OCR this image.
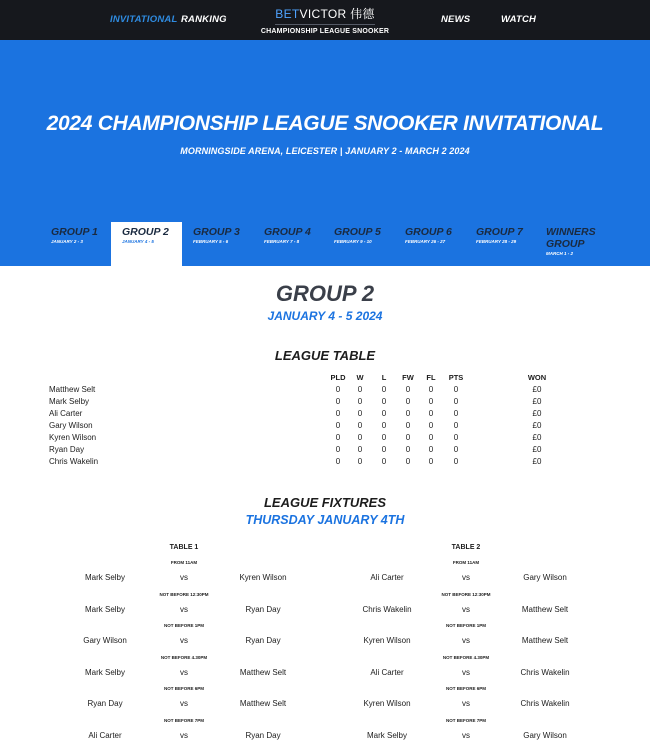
INVITATIONAL RANKING	BETVICTOR 伟德
CHAMPIONSHIP LEAGUE SNOOKER
NEWS	WATCH
2024 CHAMPIONSHIP LEAGUE SNOOKER INVITATIONAL
MORNINGSIDE ARENA, LEICESTER | JANUARY 2 - MARCH 2 2024
GROUP 1
JANUARY 2 - 3
GROUP 2
JANUARY 4 - 5
GROUP 3
FEBRUARY 5 - 6
GROUP 4
FEBRUARY 7 - 8
GROUP 5
FEBRUARY 9 - 10
GROUP 6
FEBRUARY 26 - 27
GROUP 7
FEBRUARY 28 - 29
WINNERS GROUP
MARCH 1 - 2
GROUP 2
JANUARY 4 - 5 2024
LEAGUE TABLE
PLD	W	L	FW	FL	PTS	WON
Matthew Selt	0	0	0	0	0	0	£0
Mark Selby	0	0	0	0	0	0	£0
Ali Carter	0	0	0	0	0	0	£0
Gary Wilson	0	0	0	0	0	0	£0
Kyren Wilson	0	0	0	0	0	0	£0
Ryan Day	0	0	0	0	0	0	£0
Chris Wakelin	0	0	0	0	0	0	£0
LEAGUE FIXTURES
THURSDAY JANUARY 4TH
TABLE 1
FROM 11AM
Mark Selby	vs	Kyren Wilson
NOT BEFORE 12:30PM
Mark Selby	vs	Ryan Day
NOT BEFORE 1PM
Gary Wilson	vs	Ryan Day
NOT BEFORE 4.30PM
Mark Selby	vs	Matthew Selt
NOT BEFORE 6PM
Ryan Day	vs	Matthew Selt
NOT BEFORE 7PM
Ali Carter	vs	Ryan Day
TABLE 2
FROM 11AM
Ali Carter	vs	Gary Wilson
NOT BEFORE 12:30PM
Chris Wakelin	vs	Matthew Selt
NOT BEFORE 1PM
Kyren Wilson	vs	Matthew Selt
NOT BEFORE 4.30PM
Ali Carter	vs	Chris Wakelin
NOT BEFORE 6PM
Kyren Wilson	vs	Chris Wakelin
NOT BEFORE 7PM
Mark Selby	vs	Gary Wilson
